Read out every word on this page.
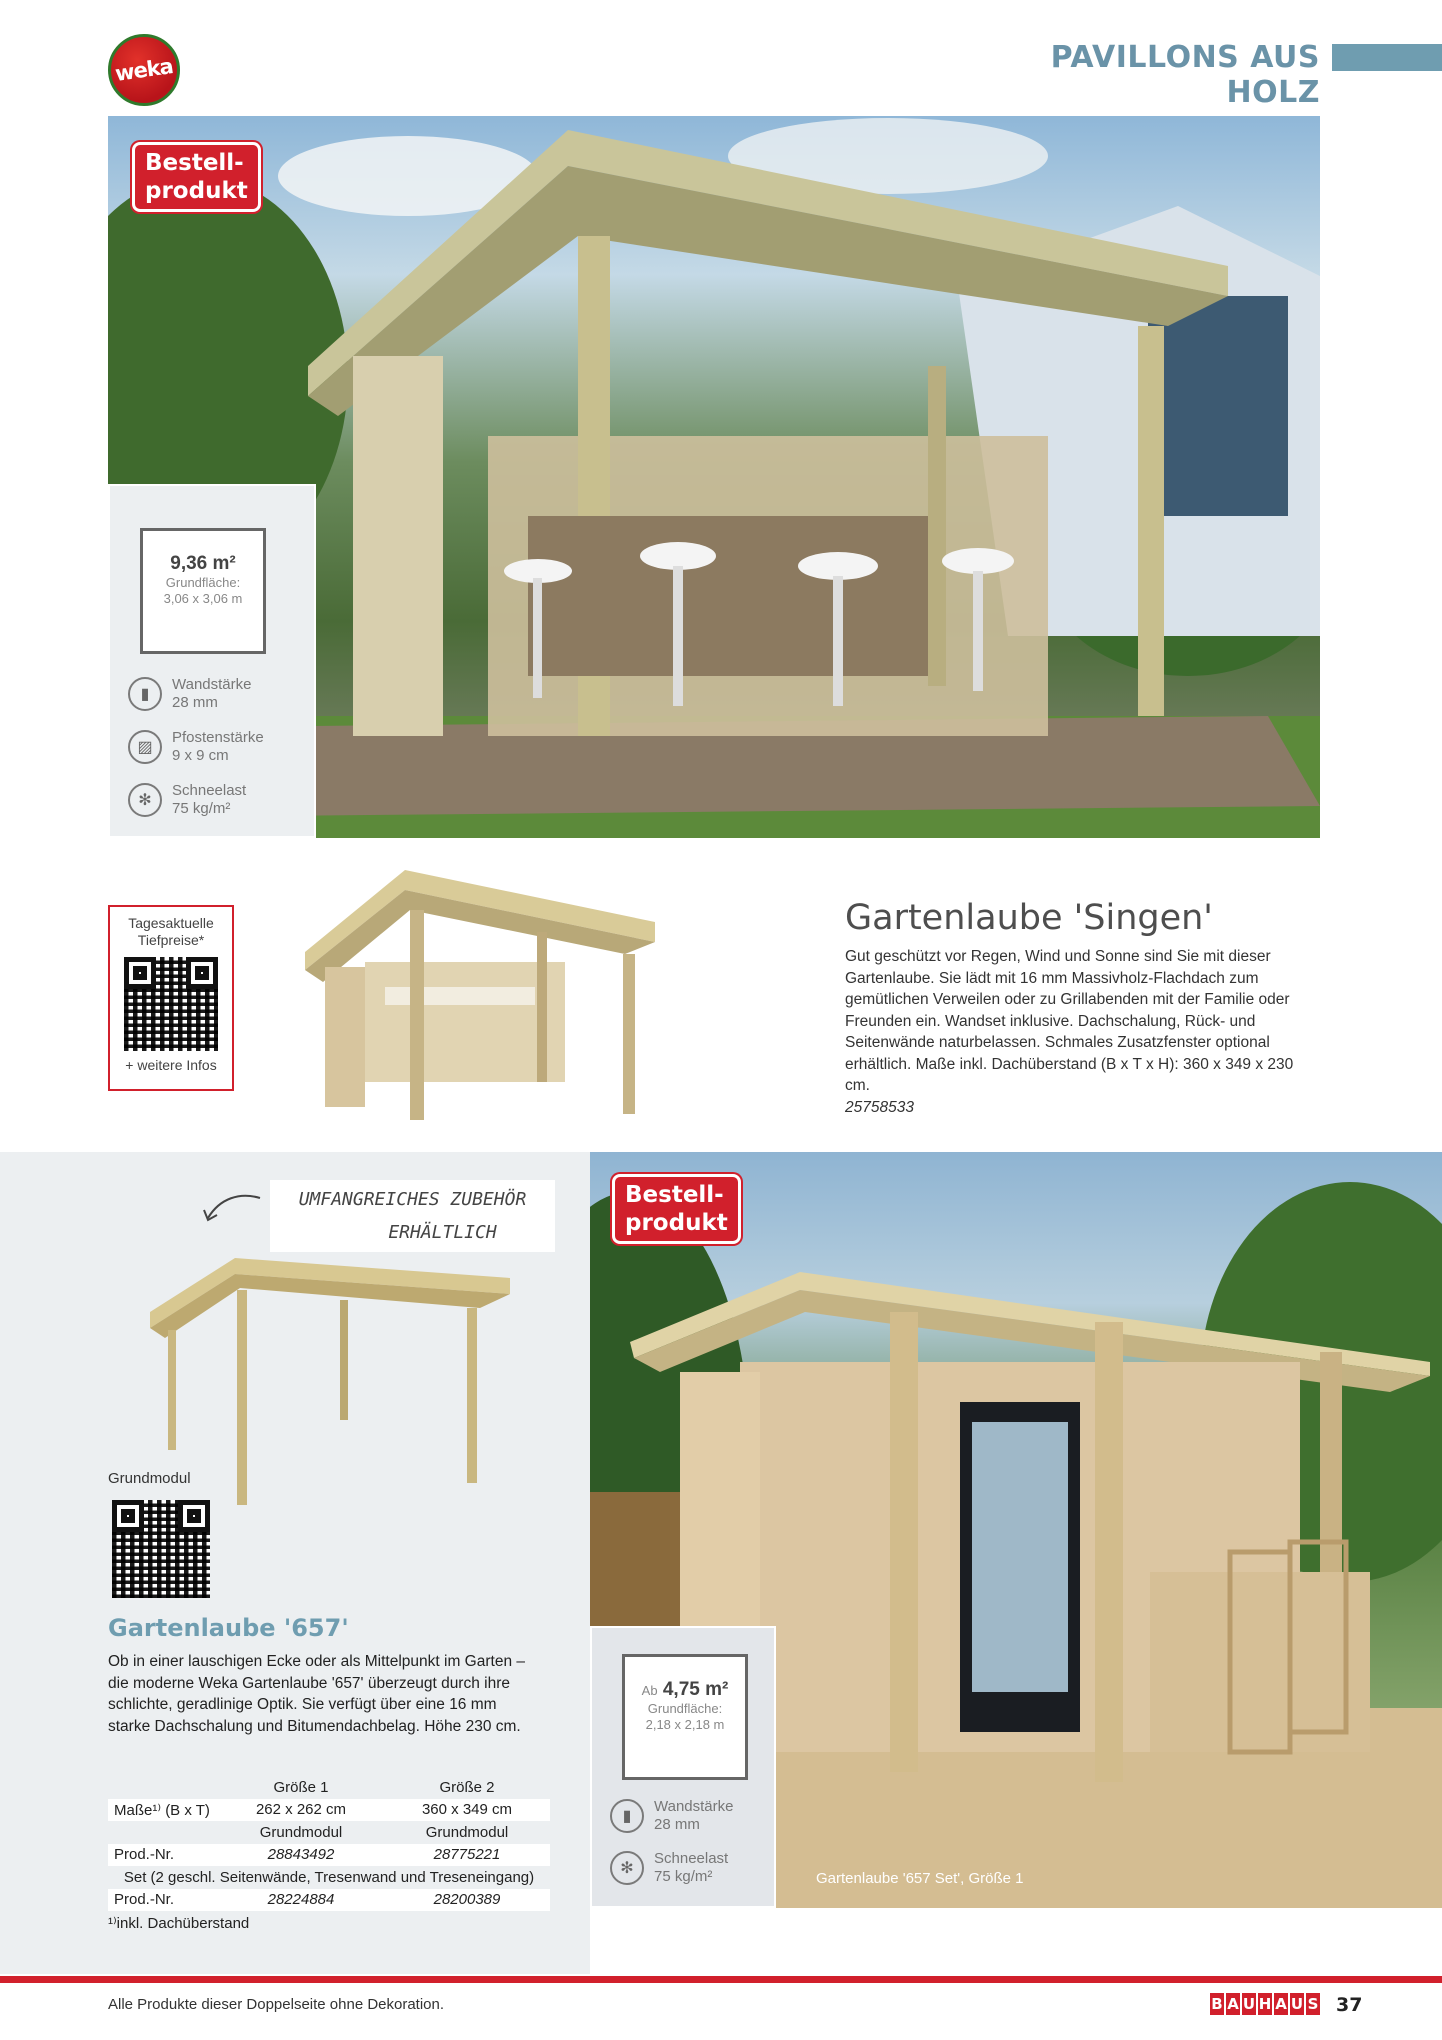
weka	PAVILLONS AUS HOLZ
Bestell-
produkt
9,36 m²
Grundfläche:
3,06 x 3,06 m
▮
Wandstärke
28 mm
▨
Pfostenstärke
9 x 9 cm
✻
Schneelast
75 kg/m²
Tagesaktuelle
Tiefpreise*
+ weitere Infos
Gartenlaube 'Singen'
Gut geschützt vor Regen, Wind und Sonne sind Sie mit dieser Gartenlaube. Sie lädt mit 16 mm Massivholz-Flachdach zum gemütlichen Verweilen oder zu Grillabenden mit der Familie oder Freunden ein. Wandset inklusive. Dachschalung, Rück- und Seitenwände naturbelassen. Schmales Zusatzfenster optional erhältlich. Maße inkl. Dachüberstand (B x T x H): 360 x 349 x 230 cm.
25758533
UMFANGREICHES ZUBEHÖR
ERHÄLTLICH
Grundmodul
Gartenlaube '657'
Ob in einer lauschigen Ecke oder als Mittelpunkt im Garten – die moderne Weka Gartenlaube '657' überzeugt durch ihre schlichte, geradlinige Optik. Sie verfügt über eine 16 mm starke Dachschalung und Bitumendachbelag. Höhe 230 cm.
	Größe 1	Größe 2
Maße¹⁾ (B x T)	262 x 262 cm	360 x 349 cm
	Grundmodul	Grundmodul
Prod.-Nr.	28843492	28775221
Set (2 geschl. Seitenwände, Tresenwand und Treseneingang)		
Prod.-Nr.	28224884	28200389
¹⁾inkl. Dachüberstand
Bestell-
produkt
Gartenlaube '657 Set', Größe 1
Ab 4,75 m²
Grundfläche:
2,18 x 2,18 m
▮
Wandstärke
28 mm
✻
Schneelast
75 kg/m²
Alle Produkte dieser Doppelseite ohne Dekoration.	B A U H A U S 37
